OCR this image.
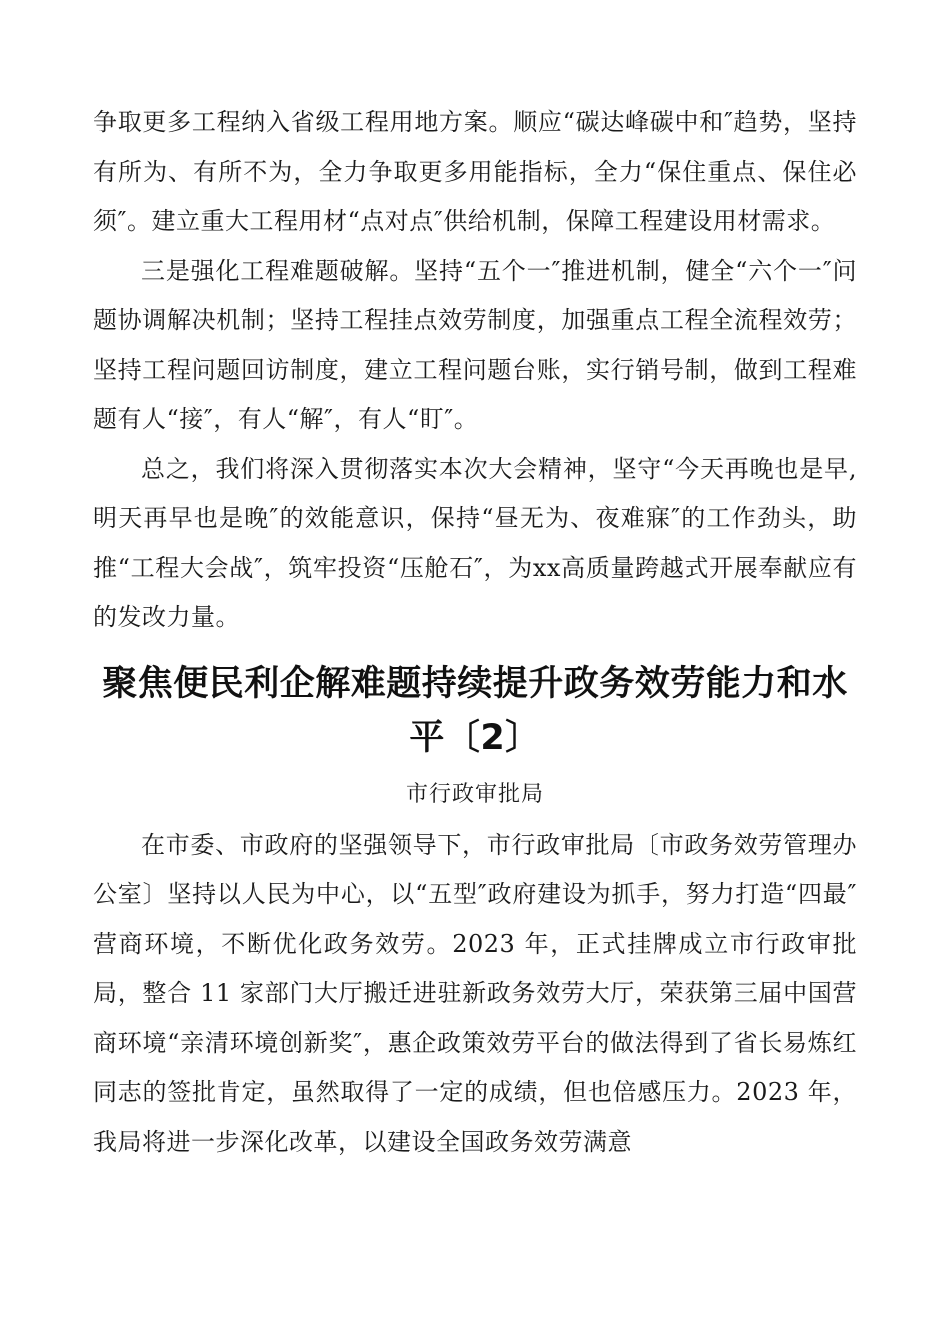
争取更多工程纳入省级工程用地方案。顺应“碳达峰碳中和″趋势，坚持有所为、有所不为，全力争取更多用能指标，全力“保住重点、保住必须″。建立重大工程用材“点对点″供给机制，保障工程建设用材需求。

三是强化工程难题破解。坚持“五个一″推进机制，健全“六个一″问题协调解决机制；坚持工程挂点效劳制度，加强重点工程全流程效劳；坚持工程问题回访制度，建立工程问题台账，实行销号制，做到工程难题有人“接″，有人“解″，有人“盯″。

总之，我们将深入贯彻落实本次大会精神，坚守“今天再晚也是早,明天再早也是晚″的效能意识，保持“昼无为、夜难寐″的工作劲头，助推“工程大会战″，筑牢投资“压舱石″，为xx高质量跨越式开展奉献应有的发改力量。

聚焦便民利企解难题持续提升政务效劳能力和水平〔2〕
市行政审批局

在市委、市政府的坚强领导下，市行政审批局〔市政务效劳管理办公室〕坚持以人民为中心，以“五型″政府建设为抓手，努力打造“四最″营商环境，不断优化政务效劳。2023 年，正式挂牌成立市行政审批局，整合 11 家部门大厅搬迁进驻新政务效劳大厅，荣获第三届中国营商环境“亲清环境创新奖″，惠企政策效劳平台的做法得到了省长易炼红同志的签批肯定，虽然取得了一定的成绩，但也倍感压力。2023 年，我局将进一步深化改革，以建设全国政务效劳满意
